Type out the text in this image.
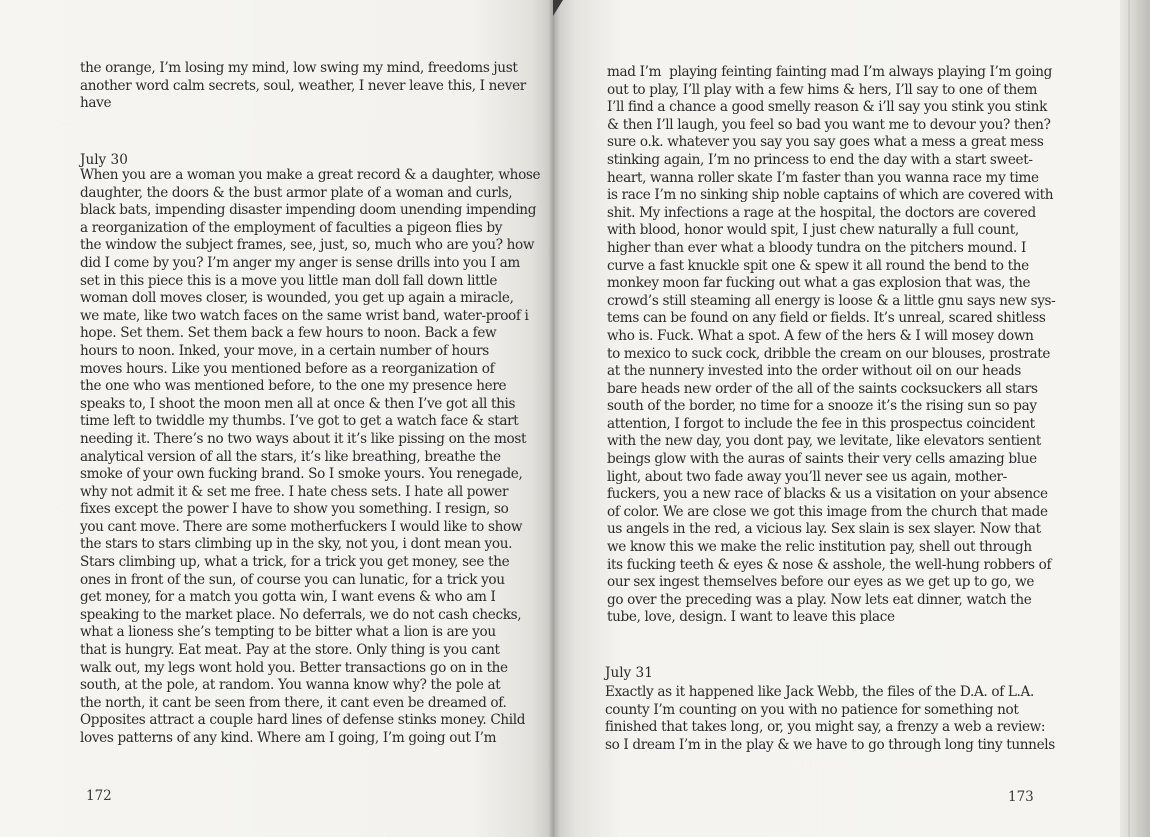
the orange, I’m losing my mind, low swing my mind, freedoms just
another word calm secrets, soul, weather, I never leave this, I never
have
July 30
When you are a woman you make a great record & a daughter, whose
daughter, the doors & the bust armor plate of a woman and curls,
black bats, impending disaster impending doom unending impending
a reorganization of the employment of faculties a pigeon flies by
the window the subject frames, see, just, so, much who are you? how
did I come by you? I’m anger my anger is sense drills into you I am
set in this piece this is a move you little man doll fall down little
woman doll moves closer, is wounded, you get up again a miracle,
we mate, like two watch faces on the same wrist band, water-proof i
hope. Set them. Set them back a few hours to noon. Back a few
hours to noon. Inked, your move, in a certain number of hours
moves hours. Like you mentioned before as a reorganization of
the one who was mentioned before, to the one my presence here
speaks to, I shoot the moon men all at once & then I’ve got all this
time left to twiddle my thumbs. I’ve got to get a watch face & start
needing it. There’s no two ways about it it’s like pissing on the most
analytical version of all the stars, it’s like breathing, breathe the
smoke of your own fucking brand. So I smoke yours. You renegade,
why not admit it & set me free. I hate chess sets. I hate all power
fixes except the power I have to show you something. I resign, so
you cant move. There are some motherfuckers I would like to show
the stars to stars climbing up in the sky, not you, i dont mean you.
Stars climbing up, what a trick, for a trick you get money, see the
ones in front of the sun, of course you can lunatic, for a trick you
get money, for a match you gotta win, I want evens & who am I
speaking to the market place. No deferrals, we do not cash checks,
what a lioness she’s tempting to be bitter what a lion is are you
that is hungry. Eat meat. Pay at the store. Only thing is you cant
walk out, my legs wont hold you. Better transactions go on in the
south, at the pole, at random. You wanna know why? the pole at
the north, it cant be seen from there, it cant even be dreamed of.
Opposites attract a couple hard lines of defense stinks money. Child
loves patterns of any kind. Where am I going, I’m going out I’m
172
mad I’m  playing feinting fainting mad I’m always playing I’m going
out to play, I’ll play with a few hims & hers, I’ll say to one of them
I’ll find a chance a good smelly reason & i’ll say you stink you stink
& then I’ll laugh, you feel so bad you want me to devour you? then?
sure o.k. whatever you say you say goes what a mess a great mess
stinking again, I’m no princess to end the day with a start sweet-
heart, wanna roller skate I’m faster than you wanna race my time
is race I’m no sinking ship noble captains of which are covered with
shit. My infections a rage at the hospital, the doctors are covered
with blood, honor would spit, I just chew naturally a full count,
higher than ever what a bloody tundra on the pitchers mound. I
curve a fast knuckle spit one & spew it all round the bend to the
monkey moon far fucking out what a gas explosion that was, the
crowd’s still steaming all energy is loose & a little gnu says new sys-
tems can be found on any field or fields. It’s unreal, scared shitless
who is. Fuck. What a spot. A few of the hers & I will mosey down
to mexico to suck cock, dribble the cream on our blouses, prostrate
at the nunnery invested into the order without oil on our heads
bare heads new order of the all of the saints cocksuckers all stars
south of the border, no time for a snooze it’s the rising sun so pay
attention, I forgot to include the fee in this prospectus coincident
with the new day, you dont pay, we levitate, like elevators sentient
beings glow with the auras of saints their very cells amazing blue
light, about two fade away you’ll never see us again, mother-
fuckers, you a new race of blacks & us a visitation on your absence
of color. We are close we got this image from the church that made
us angels in the red, a vicious lay. Sex slain is sex slayer. Now that
we know this we make the relic institution pay, shell out through
its fucking teeth & eyes & nose & asshole, the well-hung robbers of
our sex ingest themselves before our eyes as we get up to go, we
go over the preceding was a play. Now lets eat dinner, watch the
tube, love, design. I want to leave this place
July 31
Exactly as it happened like Jack Webb, the files of the D.A. of L.A.
county I’m counting on you with no patience for something not
finished that takes long, or, you might say, a frenzy a web a review:
so I dream I’m in the play & we have to go through long tiny tunnels
173
